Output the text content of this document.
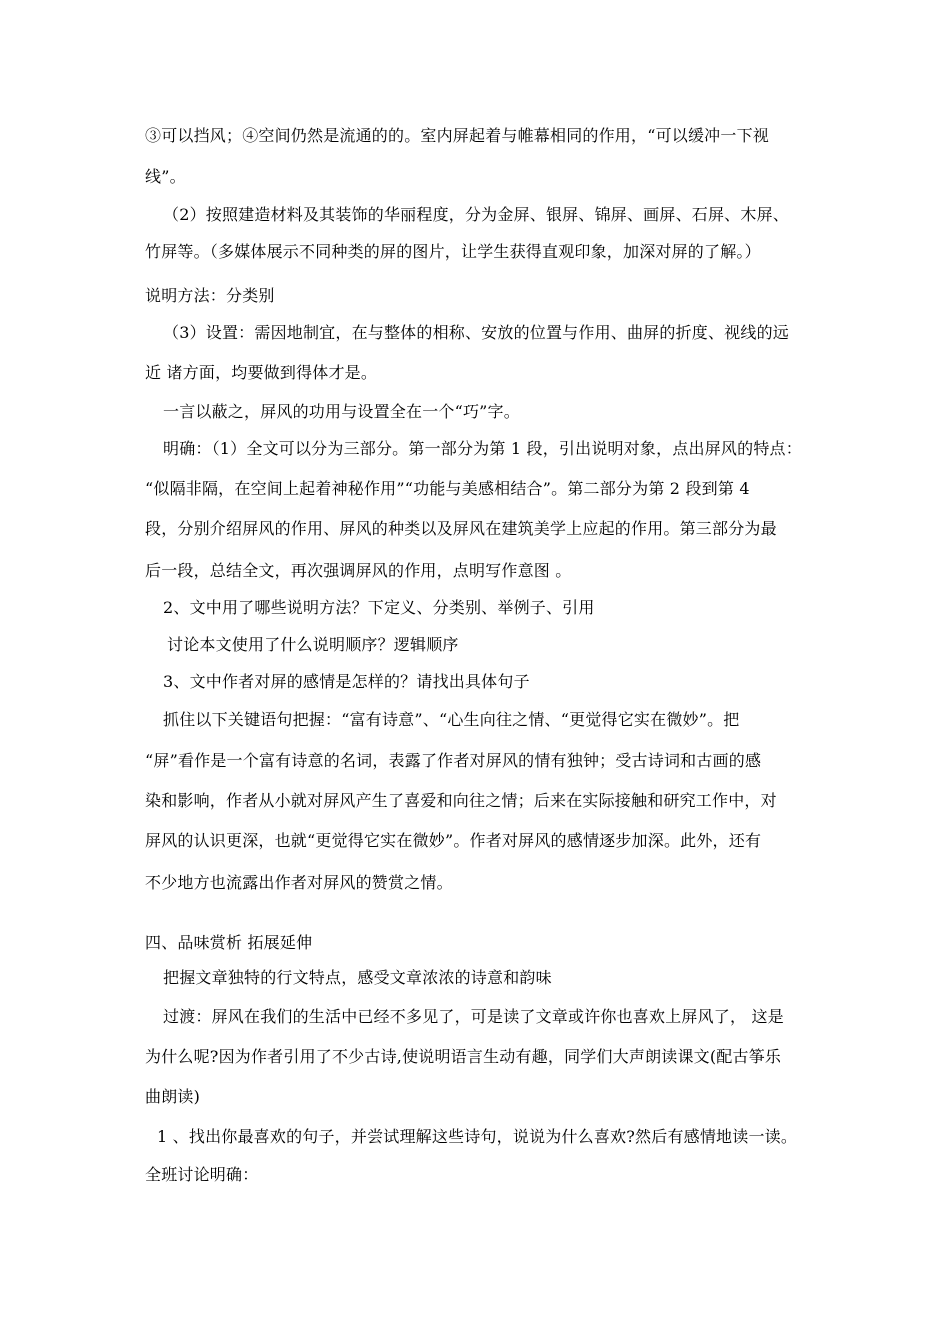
③可以挡风；④空间仍然是流通的的。室内屏起着与帷幕相同的作用，“可以缓冲一下视
线”。
（2）按照建造材料及其装饰的华丽程度，分为金屏、银屏、锦屏、画屏、石屏、木屏、
竹屏等。（多媒体展示不同种类的屏的图片，让学生获得直观印象，加深对屏的了解。）
说明方法：分类别
（3）设置：需因地制宜，在与整体的相称、安放的位置与作用、曲屏的折度、视线的远
近 诸方面，均要做到得体才是。
一言以蔽之，屏风的功用与设置全在一个“巧”字。
明确：（1）全文可以分为三部分。第一部分为第 1 段，引出说明对象，点出屏风的特点：
“似隔非隔，在空间上起着神秘作用”“功能与美感相结合”。第二部分为第 2 段到第 4
段，分别介绍屏风的作用、屏风的种类以及屏风在建筑美学上应起的作用。第三部分为最
后一段，总结全文，再次强调屏风的作用，点明写作意图 。
2、文中用了哪些说明方法？下定义、分类别、举例子、引用
讨论本文使用了什么说明顺序？逻辑顺序
3、文中作者对屏的感情是怎样的？请找出具体句子
抓住以下关键语句把握：“富有诗意”、“心生向往之情、“更觉得它实在微妙”。把
“屏”看作是一个富有诗意的名词，表露了作者对屏风的情有独钟；受古诗词和古画的感
染和影响，作者从小就对屏风产生了喜爱和向往之情；后来在实际接触和研究工作中，对
屏风的认识更深，也就“更觉得它实在微妙”。作者对屏风的感情逐步加深。此外，还有
不少地方也流露出作者对屏风的赞赏之情。
四、品味赏析 拓展延伸
把握文章独特的行文特点，感受文章浓浓的诗意和韵味
过渡：屏风在我们的生活中已经不多见了，可是读了文章或许你也喜欢上屏风了， 这是
为什么呢?因为作者引用了不少古诗,使说明语言生动有趣，同学们大声朗读课文(配古筝乐
曲朗读)
1 、找出你最喜欢的句子，并尝试理解这些诗句，说说为什么喜欢?然后有感情地读一读。
全班讨论明确：
